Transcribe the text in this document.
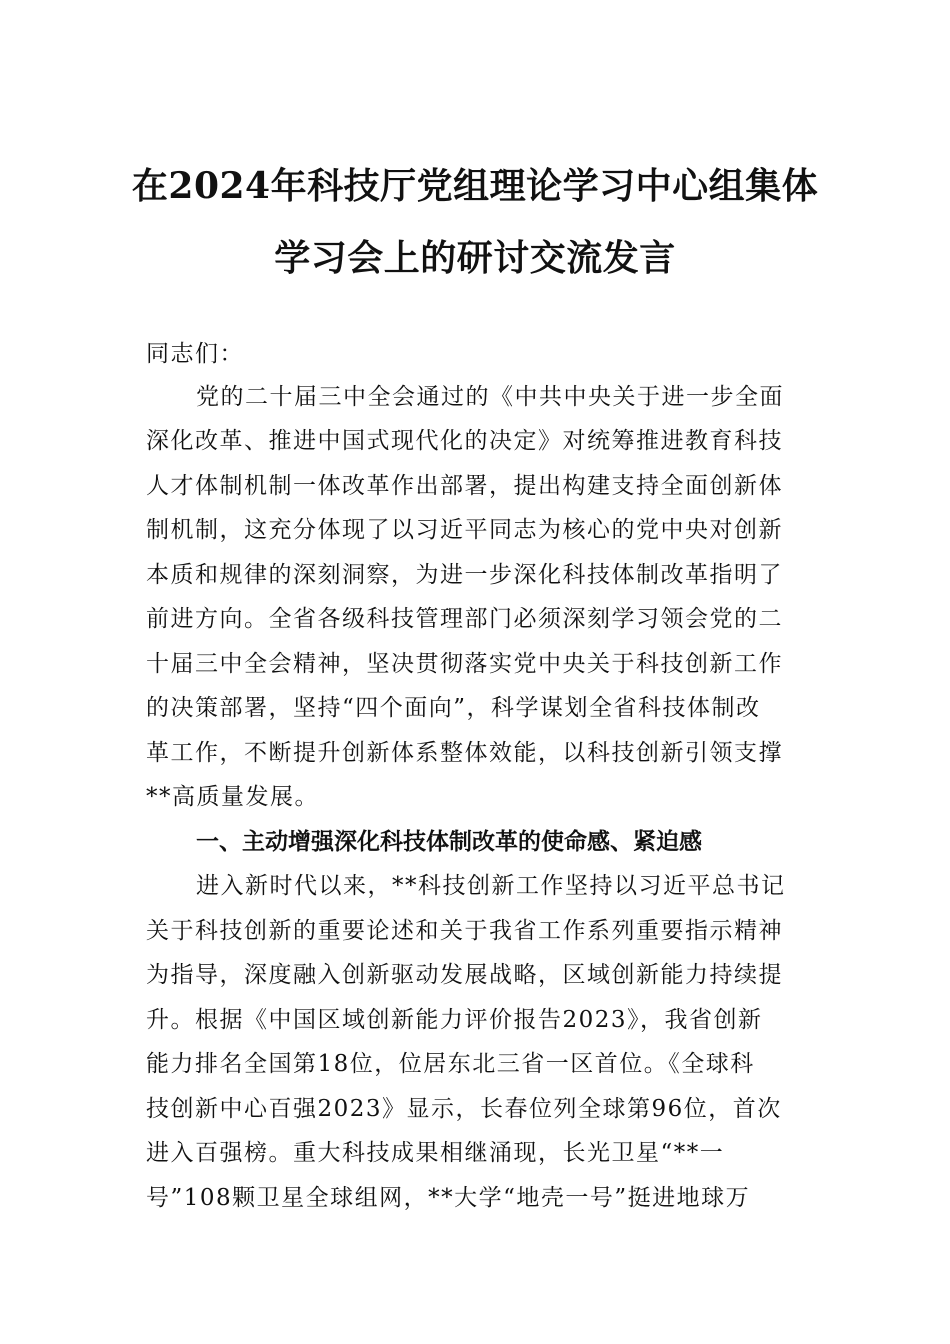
在2024年科技厅党组理论学习中心组集体
学习会上的研讨交流发言
同志们：
党的二十届三中全会通过的《中共中央关于进一步全面
深化改革、推进中国式现代化的决定》对统筹推进教育科技
人才体制机制一体改革作出部署，提出构建支持全面创新体
制机制，这充分体现了以习近平同志为核心的党中央对创新
本质和规律的深刻洞察，为进一步深化科技体制改革指明了
前进方向。全省各级科技管理部门必须深刻学习领会党的二
十届三中全会精神，坚决贯彻落实党中央关于科技创新工作
的决策部署，坚持“四个面向”，科学谋划全省科技体制改
革工作，不断提升创新体系整体效能，以科技创新引领支撑
**高质量发展。
一、主动增强深化科技体制改革的使命感、紧迫感
进入新时代以来，**科技创新工作坚持以习近平总书记
关于科技创新的重要论述和关于我省工作系列重要指示精神
为指导，深度融入创新驱动发展战略，区域创新能力持续提
升。根据《中国区域创新能力评价报告2023》，我省创新
能力排名全国第18位，位居东北三省一区首位。《全球科
技创新中心百强2023》显示，长春位列全球第96位，首次
进入百强榜。重大科技成果相继涌现，长光卫星“**一
号”108颗卫星全球组网，**大学“地壳一号”挺进地球万
